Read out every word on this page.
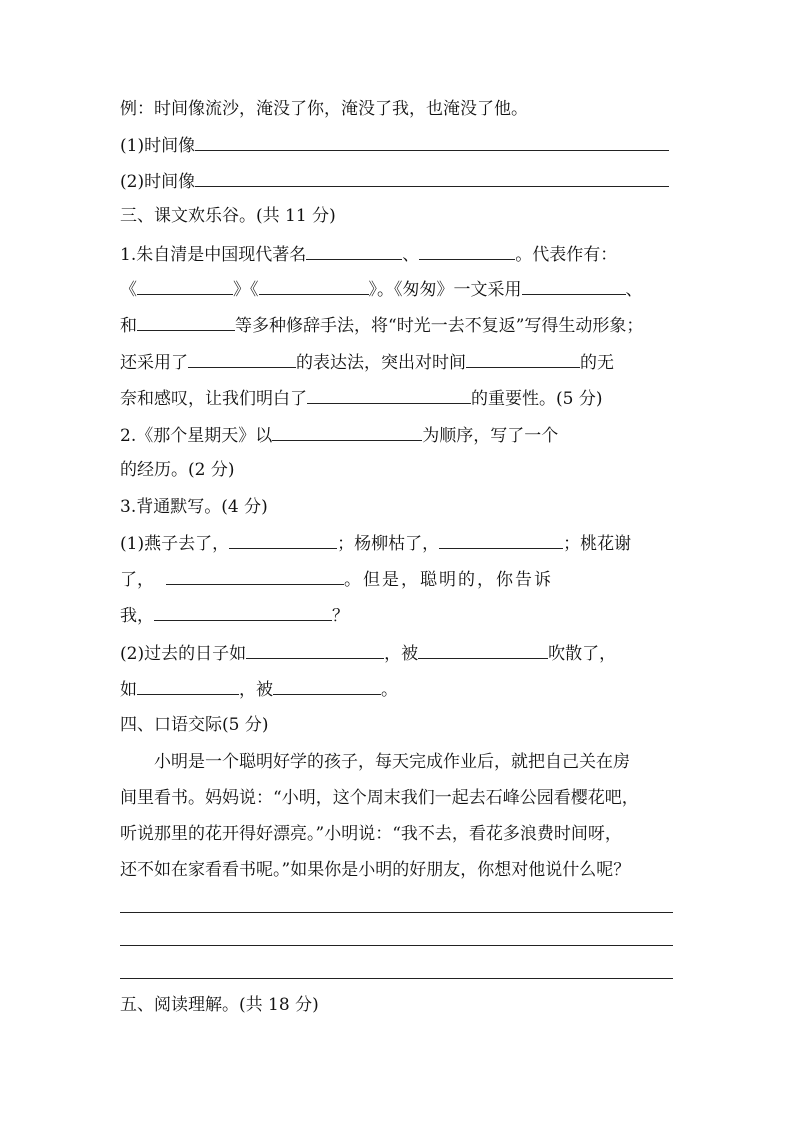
例：时间像流沙，淹没了你，淹没了我，也淹没了他。
(1)时间像
(2)时间像
三、课文欢乐谷。(共 11 分)
1.朱自清是中国现代著名	、	。代表作有：
《	》《	》。《匆匆》一文采用	、
和	等多种修辞手法，将“时光一去不复返”写得生动形象；
还采用了	的表达法，突出对时间	的无
奈和感叹，让我们明白了	的重要性。(5 分)
2.《那个星期天》以	为顺序，写了一个
的经历。(2 分)
3.背通默写。(4 分)
(1)燕子去了，	；杨柳枯了，	；桃花谢
了，	。但是，聪明的，你告诉
我，	？
(2)过去的日子如	，被	吹散了，
如	，被	。
四、口语交际(5 分)
小明是一个聪明好学的孩子，每天完成作业后，就把自己关在房
间里看书。妈妈说：“小明，这个周末我们一起去石峰公园看樱花吧，
听说那里的花开得好漂亮。”小明说：“我不去，看花多浪费时间呀，
还不如在家看看书呢。”如果你是小明的好朋友，你想对他说什么呢？
五、阅读理解。(共 18 分)
